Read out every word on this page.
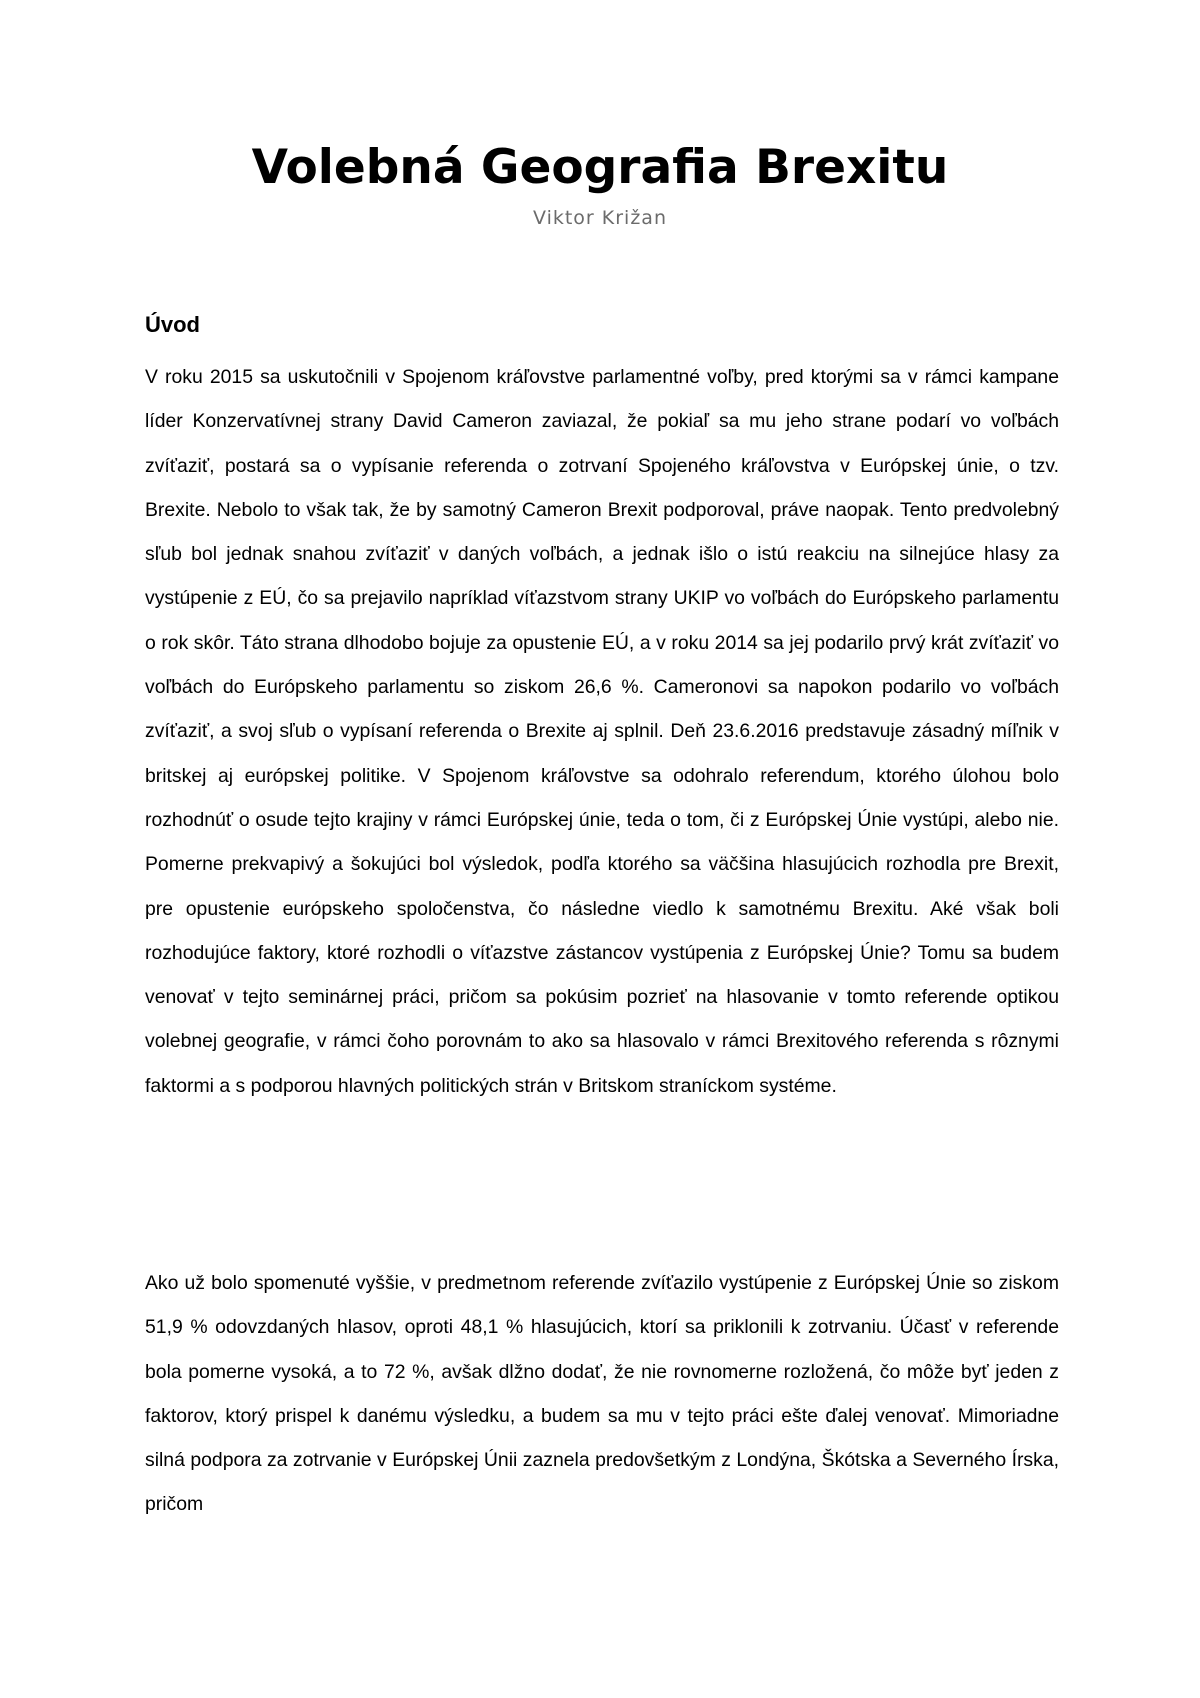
Volebná Geografia Brexitu
Viktor Križan
Úvod

V roku 2015 sa uskutočnili v Spojenom kráľovstve parlamentné voľby, pred ktorými sa v rámci kampane líder Konzervatívnej strany David Cameron zaviazal, že pokiaľ sa mu jeho strane podarí vo voľbách zvíťaziť, postará sa o vypísanie referenda o zotrvaní Spojeného kráľovstva v Európskej únie, o tzv. Brexite. Nebolo to však tak, že by samotný Cameron Brexit podporoval, práve naopak. Tento predvolebný sľub bol jednak snahou zvíťaziť v daných voľbách, a jednak išlo o istú reakciu na silnejúce hlasy za vystúpenie z EÚ, čo sa prejavilo napríklad víťazstvom strany UKIP vo voľbách do Európskeho parlamentu o rok skôr. Táto strana dlhodobo bojuje za opustenie EÚ, a v roku 2014 sa jej podarilo prvý krát zvíťaziť vo voľbách do Európskeho parlamentu so ziskom 26,6 %. Cameronovi sa napokon podarilo vo voľbách zvíťaziť, a svoj sľub o vypísaní referenda o Brexite aj splnil. Deň 23.6.2016 predstavuje zásadný míľnik v britskej aj európskej politike. V Spojenom kráľovstve sa odohralo referendum, ktorého úlohou bolo rozhodnúť o osude tejto krajiny v rámci Európskej únie, teda o tom, či z Európskej Únie vystúpi, alebo nie. Pomerne prekvapivý a šokujúci bol výsledok, podľa ktorého sa väčšina hlasujúcich rozhodla pre Brexit, pre opustenie európskeho spoločenstva, čo následne viedlo k samotnému Brexitu. Aké však boli rozhodujúce faktory, ktoré rozhodli o víťazstve zástancov vystúpenia z Európskej Únie? Tomu sa budem venovať v tejto seminárnej práci, pričom sa pokúsim pozrieť na hlasovanie v tomto referende optikou volebnej geografie, v rámci čoho porovnám to ako sa hlasovalo v rámci Brexitového referenda s rôznymi faktormi a s podporou hlavných politických strán v Britskom straníckom systéme.

Ako už bolo spomenuté vyššie, v predmetnom referende zvíťazilo vystúpenie z Európskej Únie so ziskom 51,9 % odovzdaných hlasov, oproti 48,1 % hlasujúcich, ktorí sa priklonili k zotrvaniu. Účasť v referende bola pomerne vysoká, a to 72 %, avšak dlžno dodať, že nie rovnomerne rozložená, čo môže byť jeden z faktorov, ktorý prispel k danému výsledku, a budem sa mu v tejto práci ešte ďalej venovať. Mimoriadne silná podpora za zotrvanie v Európskej Únii zaznela predovšetkým z Londýna, Škótska a Severného Írska, pričom
